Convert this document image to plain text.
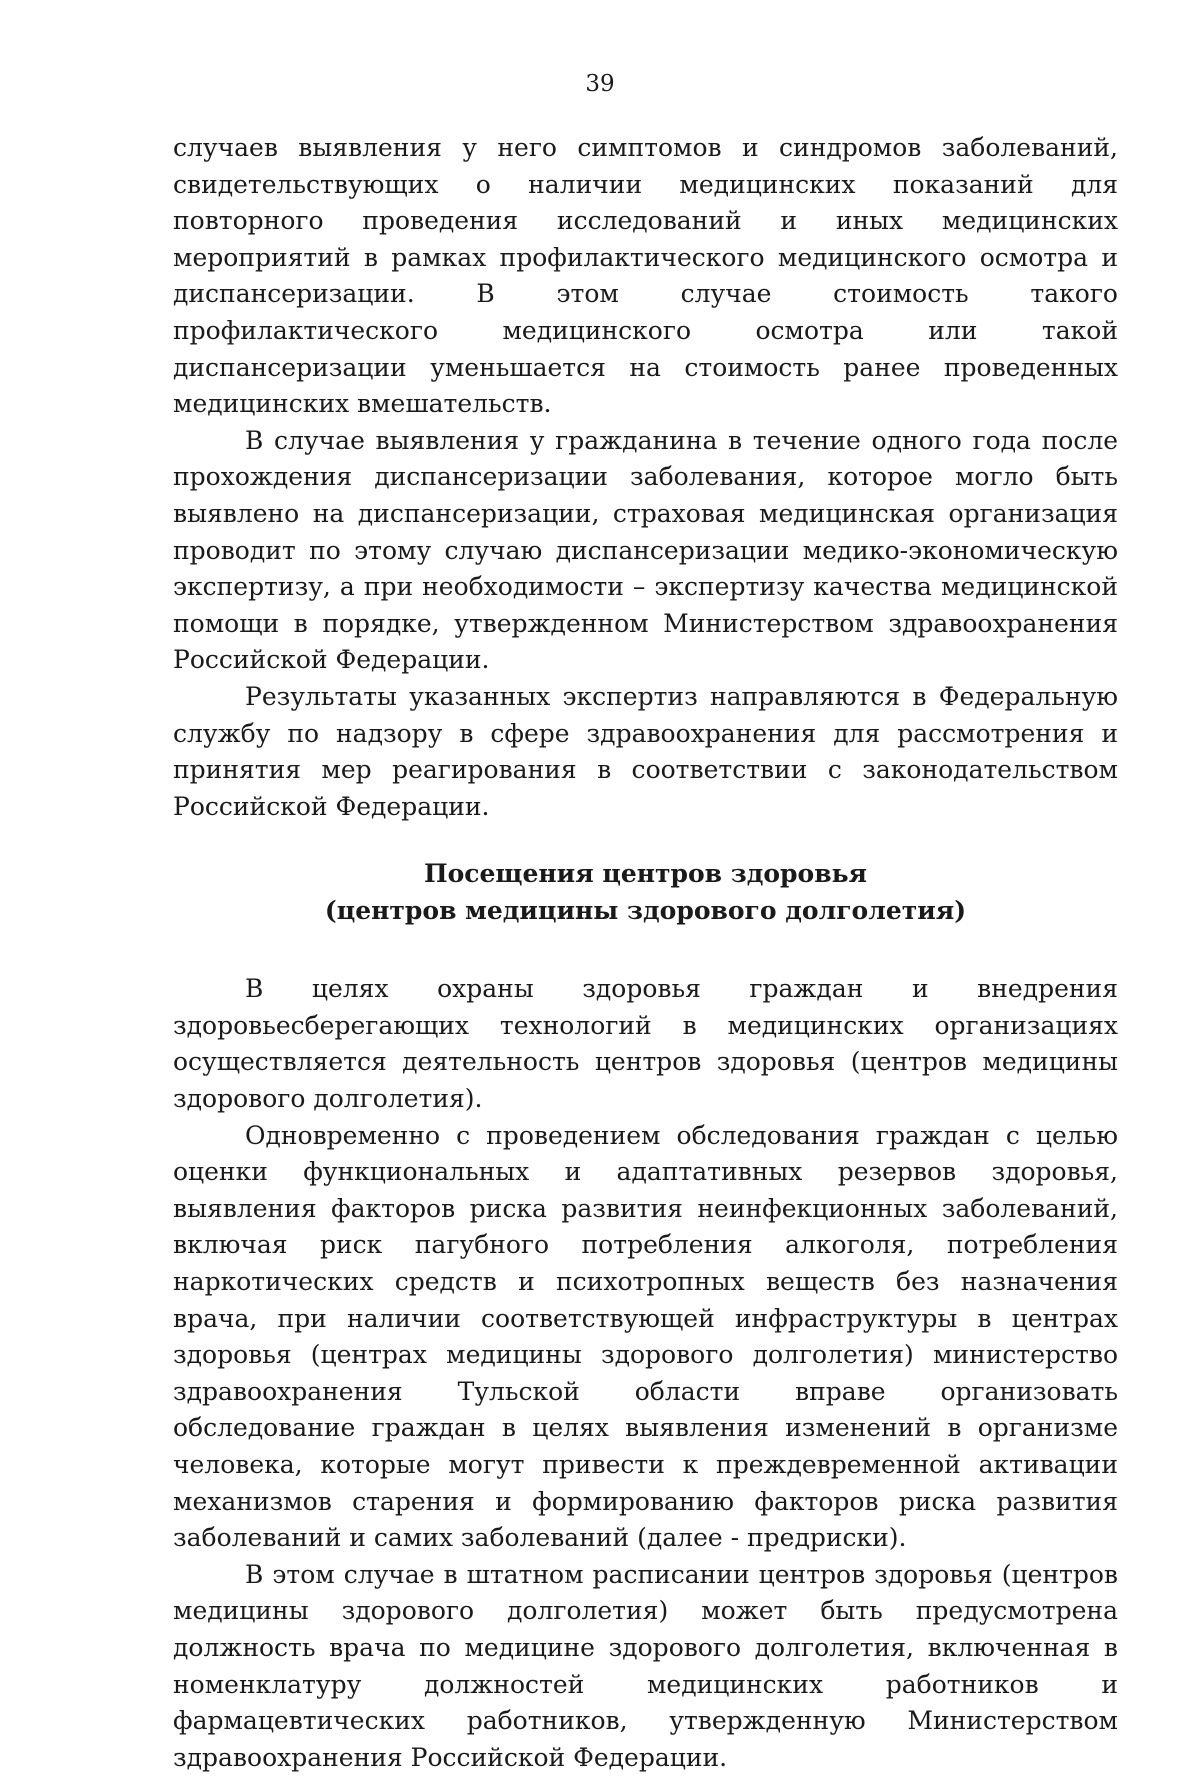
39

случаев выявления у него симптомов и синдромов заболеваний, свидетельствующих о наличии медицинских показаний для повторного проведения исследований и иных медицинских мероприятий в рамках профилактического медицинского осмотра и диспансеризации. В этом случае стоимость такого профилактического медицинского осмотра или такой диспансеризации уменьшается на стоимость ранее проведенных медицинских вмешательств.

В случае выявления у гражданина в течение одного года после прохождения диспансеризации заболевания, которое могло быть выявлено на диспансеризации, страховая медицинская организация проводит по этому случаю диспансеризации медико-экономическую экспертизу, а при необходимости – экспертизу качества медицинской помощи в порядке, утвержденном Министерством здравоохранения Российской Федерации.

Результаты указанных экспертиз направляются в Федеральную службу по надзору в сфере здравоохранения для рассмотрения и принятия мер реагирования в соответствии с законодательством Российской Федерации.

Посещения центров здоровья
(центров медицины здорового долголетия)

В целях охраны здоровья граждан и внедрения здоровьесберегающих технологий в медицинских организациях осуществляется деятельность центров здоровья (центров медицины здорового долголетия).

Одновременно с проведением обследования граждан с целью оценки функциональных и адаптативных резервов здоровья, выявления факторов риска развития неинфекционных заболеваний, включая риск пагубного потребления алкоголя, потребления наркотических средств и психотропных веществ без назначения врача, при наличии соответствующей инфраструктуры в центрах здоровья (центрах медицины здорового долголетия) министерство здравоохранения Тульской области вправе организовать обследование граждан в целях выявления изменений в организме человека, которые могут привести к преждевременной активации механизмов старения и формированию факторов риска развития заболеваний и самих заболеваний (далее - предриски).

В этом случае в штатном расписании центров здоровья (центров медицины здорового долголетия) может быть предусмотрена должность врача по медицине здорового долголетия, включенная в номенклатуру должностей медицинских работников и фармацевтических работников, утвержденную Министерством здравоохранения Российской Федерации.
